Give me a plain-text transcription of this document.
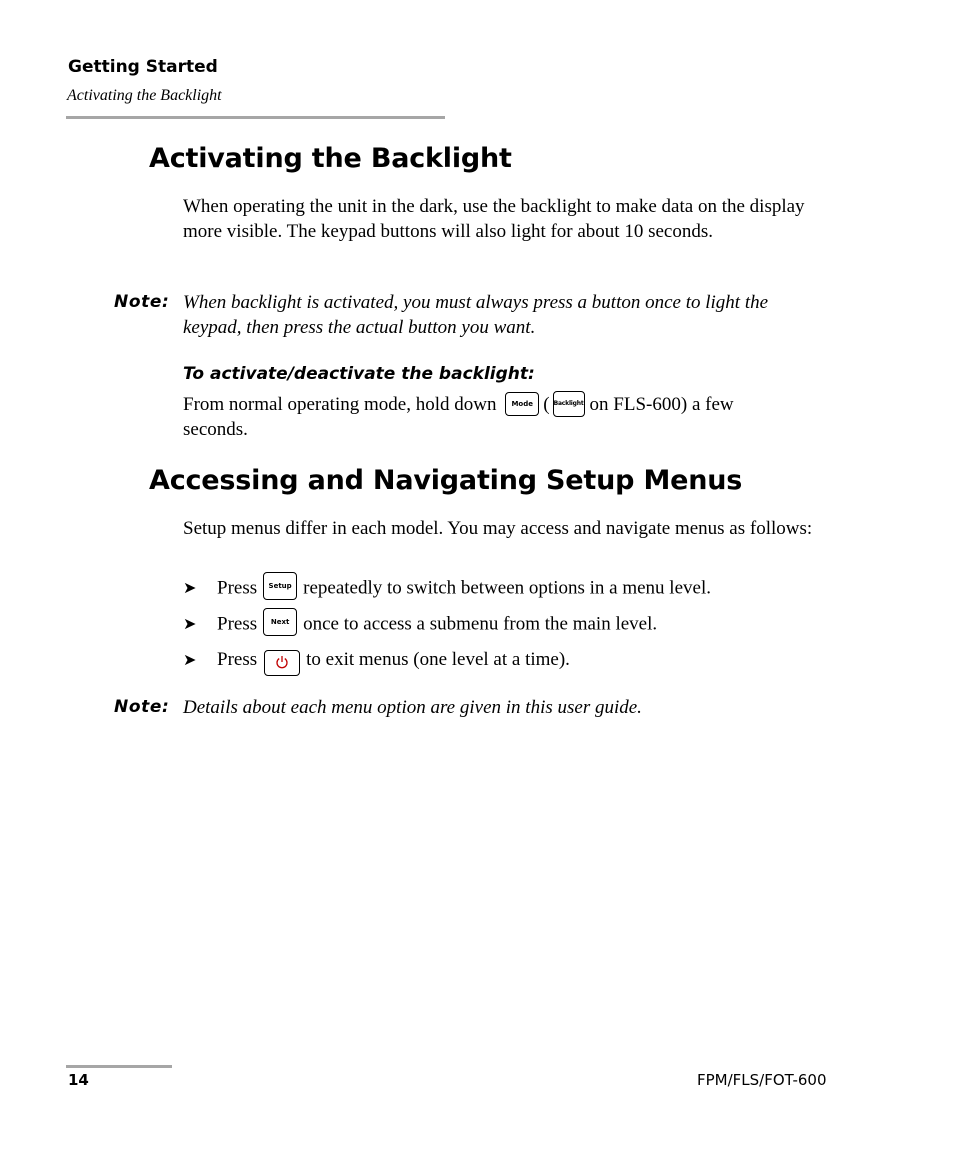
Getting Started
Activating the Backlight
Activating the Backlight
When operating the unit in the dark, use the backlight to make data on the display more visible. The keypad buttons will also light for about 10 seconds.
Note: When backlight is activated, you must always press a button once to light the keypad, then press the actual button you want.
To activate/deactivate the backlight:
From normal operating mode, hold down	Mode ( Backlight on FLS-600) a few
seconds.
Accessing and Navigating Setup Menus
Setup menus differ in each model. You may access and navigate menus as follows:
➤ Press	Setup repeatedly to switch between options in a menu level.
➤ Press	Next once to access a submenu from the main level.
➤ Press	to exit menus (one level at a time).
Note: Details about each menu option are given in this user guide.
14	FPM/FLS/FOT-600
